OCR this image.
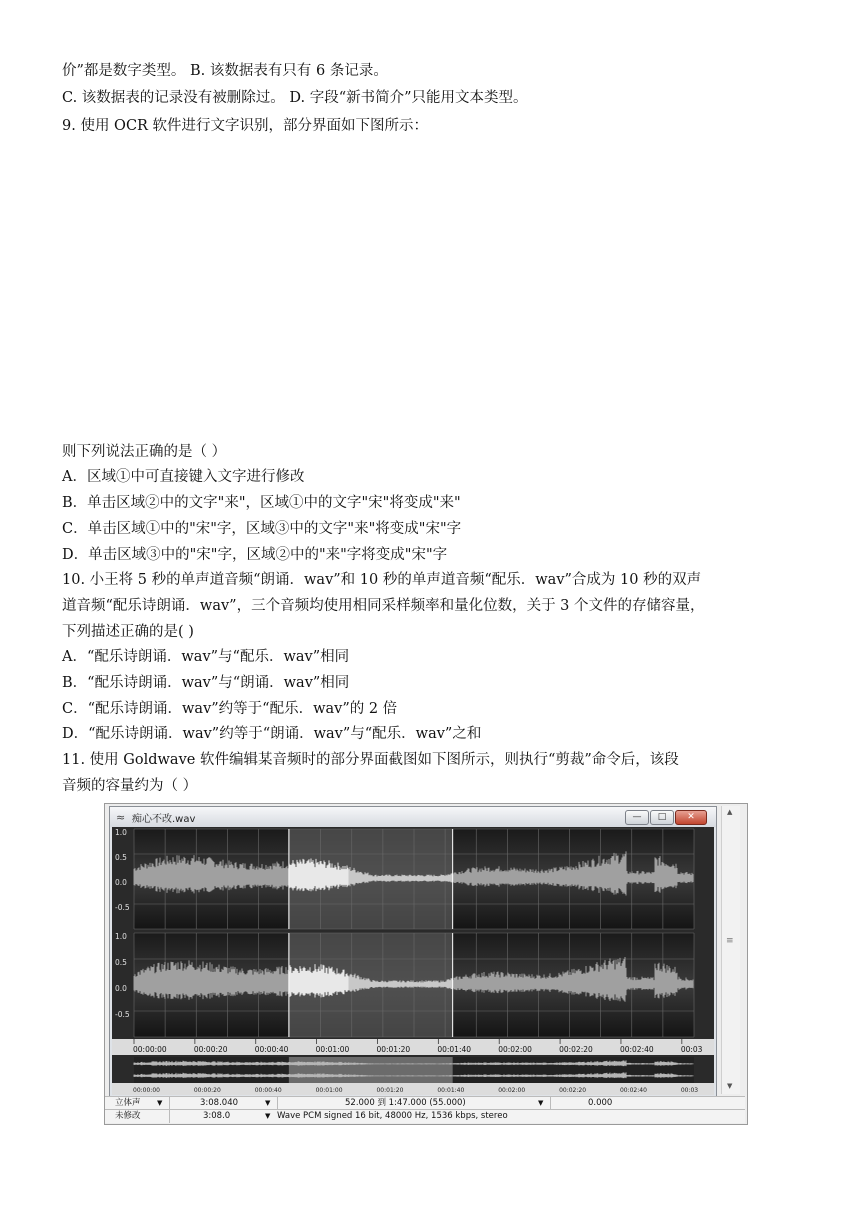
价”都是数字类型。 B. 该数据表有只有 6 条记录。
C. 该数据表的记录没有被删除过。 D. 字段“新书简介”只能用文本类型。
9. 使用 OCR 软件进行文字识别，部分界面如下图所示：
则下列说法正确的是（ ）
A．区域①中可直接键入文字进行修改
B．单击区域②中的文字"来"，区域①中的文字"宋"将变成"来"
C．单击区域①中的"宋"字，区域③中的文字"来"将变成"宋"字
D．单击区域③中的"宋"字，区域②中的"来"字将变成"宋"字
10. 小王将 5 秒的单声道音频“朗诵．wav”和 10 秒的单声道音频“配乐．wav”合成为 10 秒的双声
道音频“配乐诗朗诵．wav”，三个音频均使用相同采样频率和量化位数，关于 3 个文件的存储容量，
下列描述正确的是( )
A．“配乐诗朗诵．wav”与“配乐．wav”相同
B．“配乐诗朗诵．wav”与“朗诵．wav”相同
C．“配乐诗朗诵．wav”约等于“配乐．wav”的 2 倍
D．“配乐诗朗诵．wav”约等于“朗诵．wav”与“配乐．wav”之和
11. 使用 Goldwave 软件编辑某音频时的部分界面截图如下图所示，则执行“剪裁”命令后，该段
音频的容量约为（ ）
≈ 痴心不改.wav	—	□	✕
1.0
0.5
0.0
-0.5
1.0
0.5
0.0
-0.5
00:00:00	00:00:20	00:00:40	00:01:00	00:01:20	00:01:40	00:02:00	00:02:20	00:02:40	00:03
00:00:00	00:00:20	00:00:40	00:01:00	00:01:20	00:01:40	00:02:00	00:02:20	00:02:40	00:03
▲
≡
▼
立体声 ▼	3:08.040	▼	52.000 到 1:47.000 (55.000)	▼	0.000
未修改	3:08.0	▼ Wave PCM signed 16 bit, 48000 Hz, 1536 kbps, stereo
